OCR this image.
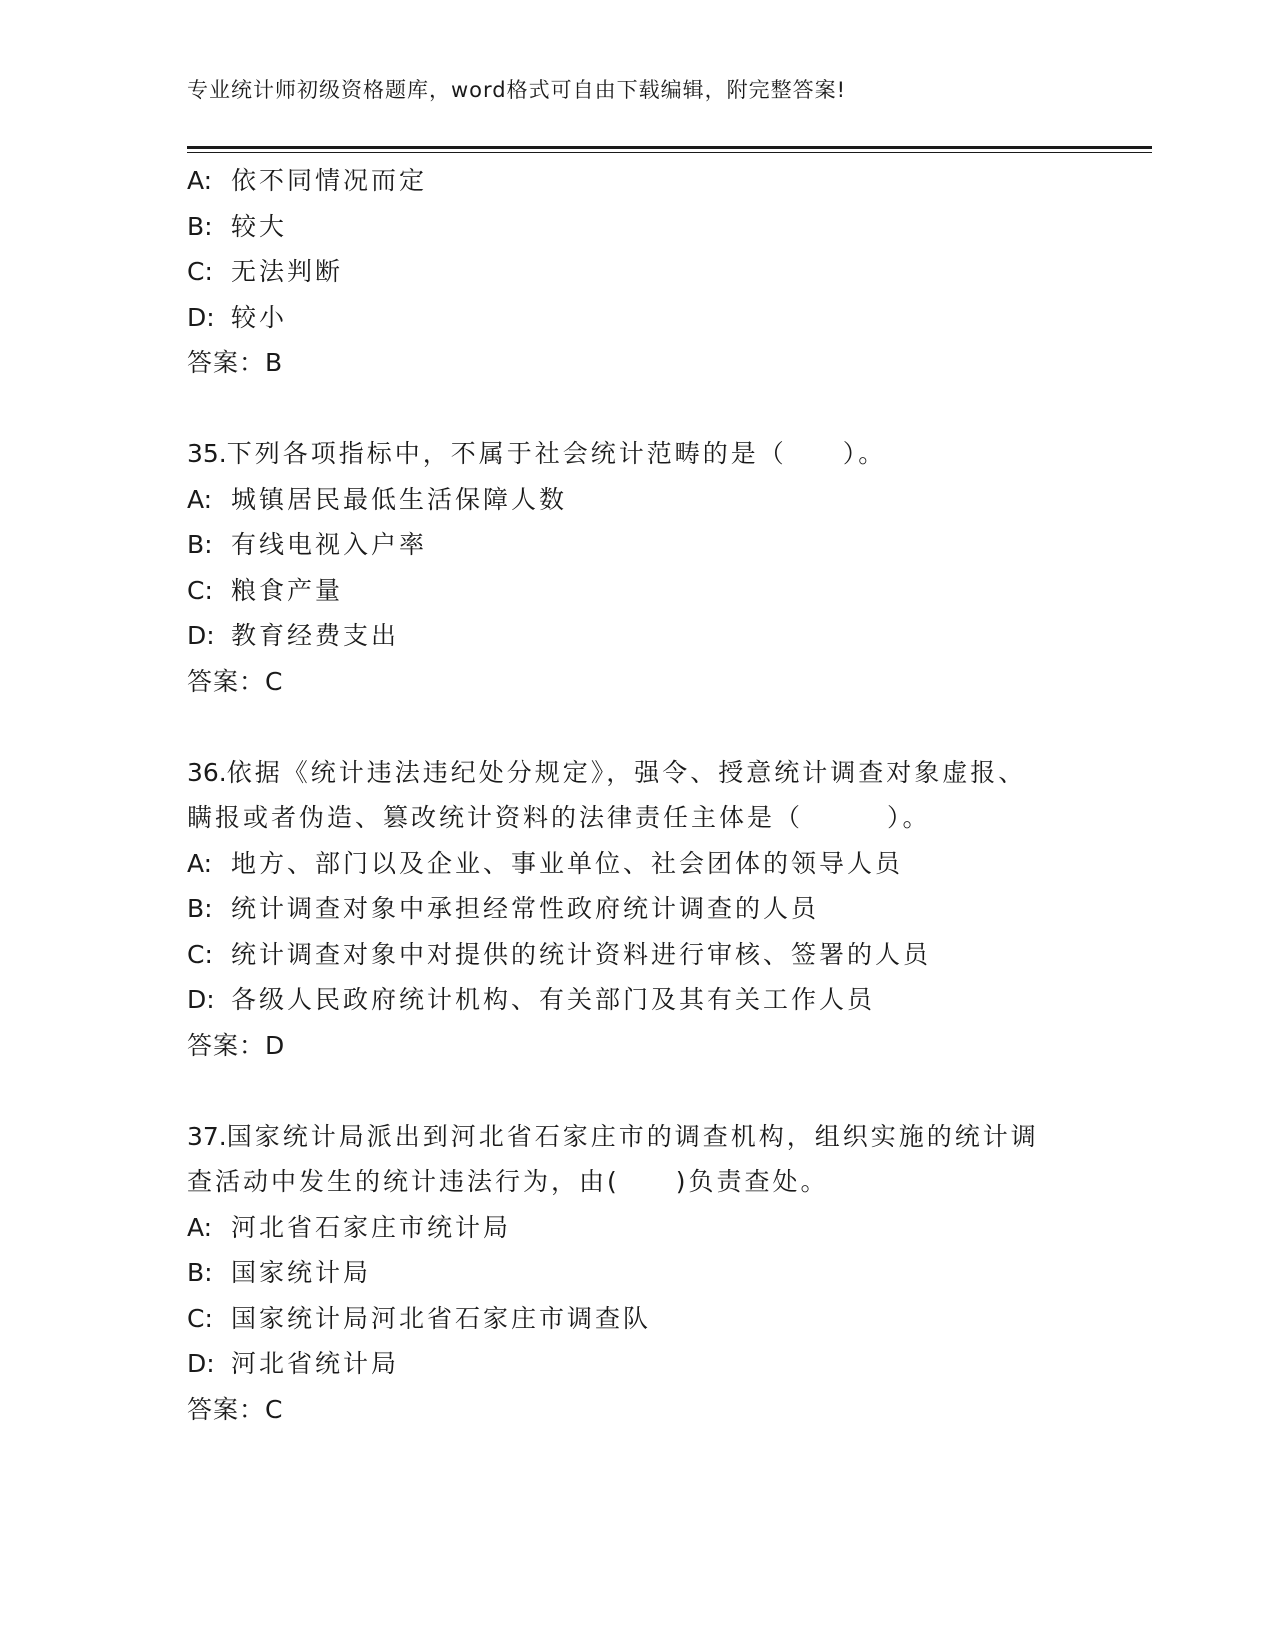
专业统计师初级资格题库，word格式可自由下载编辑，附完整答案!
A: 依不同情况而定
B: 较大
C: 无法判断
D: 较小
答案：B
35.下列各项指标中，不属于社会统计范畴的是（　　）。
A: 城镇居民最低生活保障人数
B: 有线电视入户率
C: 粮食产量
D: 教育经费支出
答案：C
36.依据《统计违法违纪处分规定》，强令、授意统计调查对象虚报、
瞒报或者伪造、篡改统计资料的法律责任主体是（　　　）。
A: 地方、部门以及企业、事业单位、社会团体的领导人员
B: 统计调查对象中承担经常性政府统计调查的人员
C: 统计调查对象中对提供的统计资料进行审核、签署的人员
D: 各级人民政府统计机构、有关部门及其有关工作人员
答案：D
37.国家统计局派出到河北省石家庄市的调查机构，组织实施的统计调
查活动中发生的统计违法行为，由(　　)负责查处。
A: 河北省石家庄市统计局
B: 国家统计局
C: 国家统计局河北省石家庄市调查队
D: 河北省统计局
答案：C
